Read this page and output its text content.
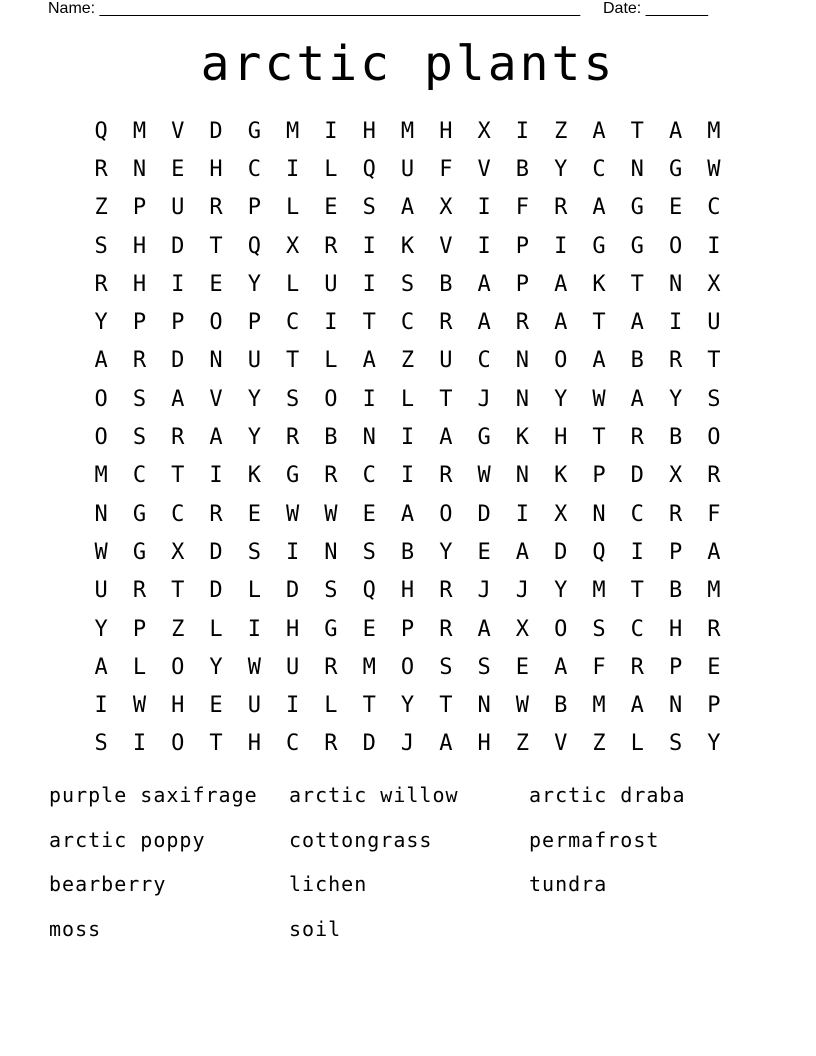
Name: ______________________________________________________ Date: _______
arctic plants
Q	M	V	D	G	M	I	H	M	H	X	I	Z	A	T	A	M
R	N	E	H	C	I	L	Q	U	F	V	B	Y	C	N	G	W
Z	P	U	R	P	L	E	S	A	X	I	F	R	A	G	E	C
S	H	D	T	Q	X	R	I	K	V	I	P	I	G	G	O	I
R	H	I	E	Y	L	U	I	S	B	A	P	A	K	T	N	X
Y	P	P	O	P	C	I	T	C	R	A	R	A	T	A	I	U
A	R	D	N	U	T	L	A	Z	U	C	N	O	A	B	R	T
O	S	A	V	Y	S	O	I	L	T	J	N	Y	W	A	Y	S
O	S	R	A	Y	R	B	N	I	A	G	K	H	T	R	B	O
M	C	T	I	K	G	R	C	I	R	W	N	K	P	D	X	R
N	G	C	R	E	W	W	E	A	O	D	I	X	N	C	R	F
W	G	X	D	S	I	N	S	B	Y	E	A	D	Q	I	P	A
U	R	T	D	L	D	S	Q	H	R	J	J	Y	M	T	B	M
Y	P	Z	L	I	H	G	E	P	R	A	X	O	S	C	H	R
A	L	O	Y	W	U	R	M	O	S	S	E	A	F	R	P	E
I	W	H	E	U	I	L	T	Y	T	N	W	B	M	A	N	P
S	I	O	T	H	C	R	D	J	A	H	Z	V	Z	L	S	Y
purple saxifrage	arctic willow	arctic draba
arctic poppy	cottongrass	permafrost
bearberry	lichen	tundra
moss	soil
